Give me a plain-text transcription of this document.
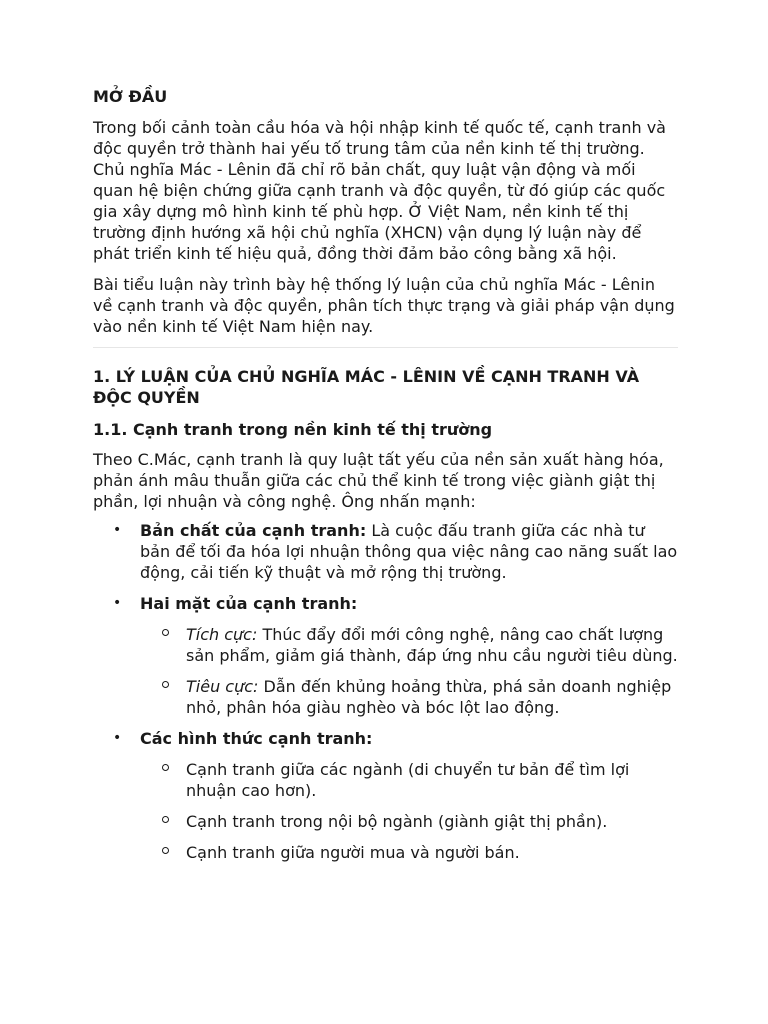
MỞ ĐẦU

Trong bối cảnh toàn cầu hóa và hội nhập kinh tế quốc tế, cạnh tranh và độc quyền trở thành hai yếu tố trung tâm của nền kinh tế thị trường. Chủ nghĩa Mác - Lênin đã chỉ rõ bản chất, quy luật vận động và mối quan hệ biện chứng giữa cạnh tranh và độc quyền, từ đó giúp các quốc gia xây dựng mô hình kinh tế phù hợp. Ở Việt Nam, nền kinh tế thị trường định hướng xã hội chủ nghĩa (XHCN) vận dụng lý luận này để phát triển kinh tế hiệu quả, đồng thời đảm bảo công bằng xã hội.

Bài tiểu luận này trình bày hệ thống lý luận của chủ nghĩa Mác - Lênin về cạnh tranh và độc quyền, phân tích thực trạng và giải pháp vận dụng vào nền kinh tế Việt Nam hiện nay.

1. LÝ LUẬN CỦA CHỦ NGHĨA MÁC - LÊNIN VỀ CẠNH TRANH VÀ ĐỘC QUYỀN
1.1. Cạnh tranh trong nền kinh tế thị trường

Theo C.Mác, cạnh tranh là quy luật tất yếu của nền sản xuất hàng hóa, phản ánh mâu thuẫn giữa các chủ thể kinh tế trong việc giành giật thị phần, lợi nhuận và công nghệ. Ông nhấn mạnh:

• Bản chất của cạnh tranh: Là cuộc đấu tranh giữa các nhà tư bản để tối đa hóa lợi nhuận thông qua việc nâng cao năng suất lao động, cải tiến kỹ thuật và mở rộng thị trường.
• Hai mặt của cạnh tranh:
Tích cực: Thúc đẩy đổi mới công nghệ, nâng cao chất lượng sản phẩm, giảm giá thành, đáp ứng nhu cầu người tiêu dùng.
Tiêu cực: Dẫn đến khủng hoảng thừa, phá sản doanh nghiệp nhỏ, phân hóa giàu nghèo và bóc lột lao động.
• Các hình thức cạnh tranh:
Cạnh tranh giữa các ngành (di chuyển tư bản để tìm lợi nhuận cao hơn).
Cạnh tranh trong nội bộ ngành (giành giật thị phần).
Cạnh tranh giữa người mua và người bán.
